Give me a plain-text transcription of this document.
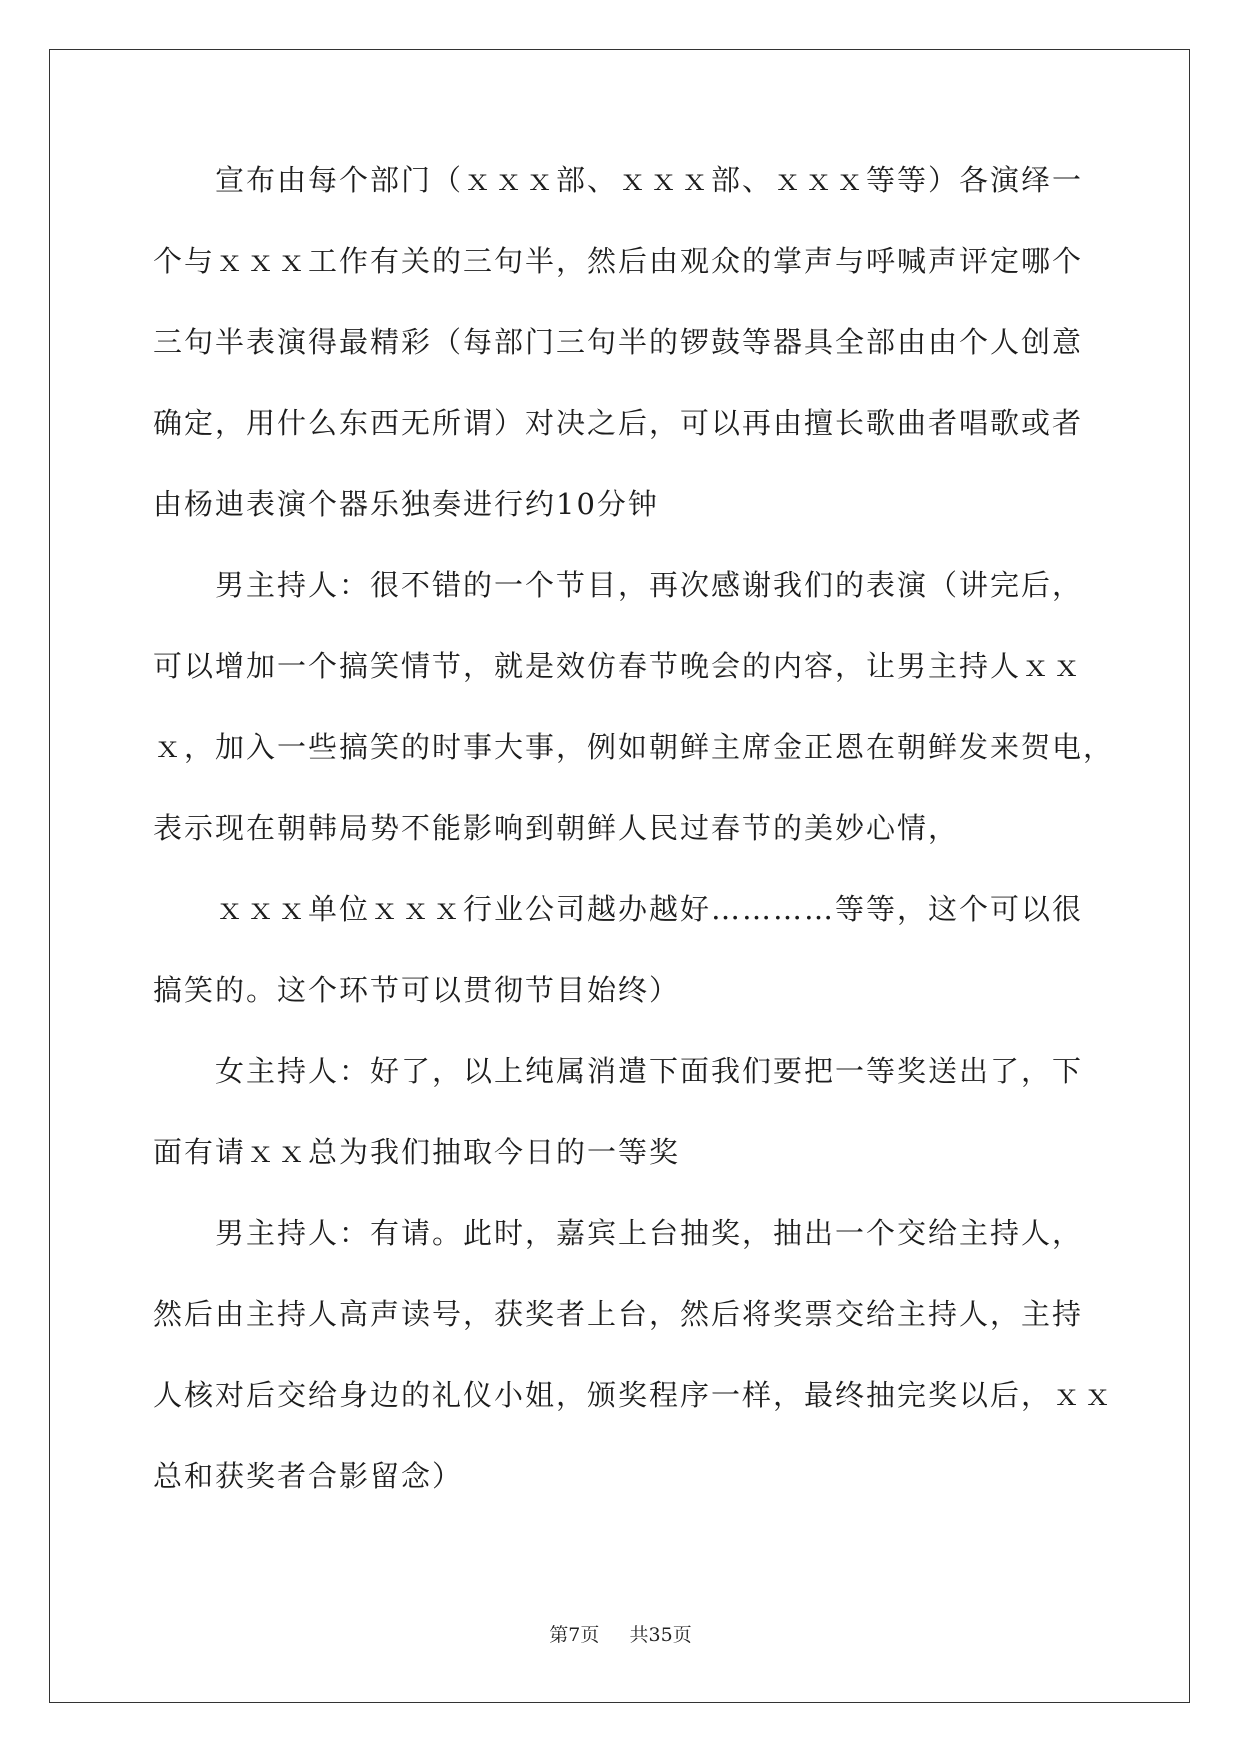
宣布由每个部门（ｘｘｘ部、ｘｘｘ部、ｘｘｘ等等）各演绎一
个与ｘｘｘ工作有关的三句半，然后由观众的掌声与呼喊声评定哪个
三句半表演得最精彩（每部门三句半的锣鼓等器具全部由由个人创意
确定，用什么东西无所谓）对决之后，可以再由擅长歌曲者唱歌或者
由杨迪表演个器乐独奏进行约10分钟
男主持人：很不错的一个节目，再次感谢我们的表演（讲完后，
可以增加一个搞笑情节，就是效仿春节晚会的内容，让男主持人ｘｘ
ｘ，加入一些搞笑的时事大事，例如朝鲜主席金正恩在朝鲜发来贺电，
表示现在朝韩局势不能影响到朝鲜人民过春节的美妙心情，
ｘｘｘ单位ｘｘｘ行业公司越办越好…………等等，这个可以很
搞笑的。这个环节可以贯彻节目始终）
女主持人：好了，以上纯属消遣下面我们要把一等奖送出了，下
面有请ｘｘ总为我们抽取今日的一等奖
男主持人：有请。此时，嘉宾上台抽奖，抽出一个交给主持人，
然后由主持人高声读号，获奖者上台，然后将奖票交给主持人，主持
人核对后交给身边的礼仪小姐，颁奖程序一样，最终抽完奖以后，ｘｘ
总和获奖者合影留念）
第7页 共35页
